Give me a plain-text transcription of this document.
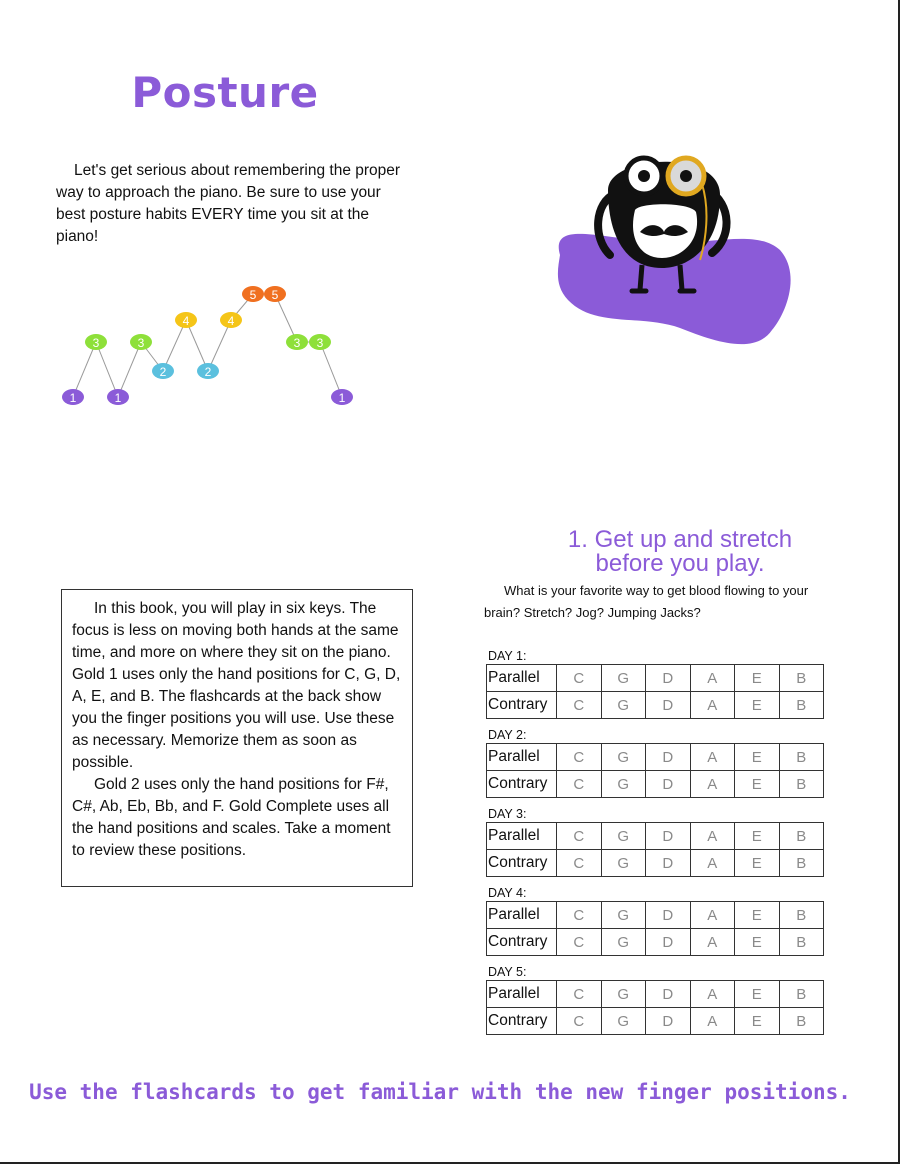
Posture
Let's get serious about remembering the proper way to approach the piano. Be sure to use your best posture habits EVERY time you sit at the piano!
1
3
1
3
2
4
2
4
5 5
3 3
1

In this book, you will play in six keys. The focus is less on moving both hands at the same time, and more on where they sit on the piano. Gold 1 uses only the hand positions for C, G, D, A, E, and B. The flashcards at the back show you the finger positions you will use. Use these as necessary. Memorize them as soon as possible.

Gold 2 uses only the hand positions for F#, C#, Ab, Eb, Bb, and F. Gold Complete uses all the hand positions and scales. Take a moment to review these positions.

1. Get up and stretch
before you play.
What is your favorite way to get blood flowing to your brain? Stretch? Jog? Jumping Jacks?
DAY 1:
Parallel	C	G	D	A	E	B
Contrary	C	G	D	A	E	B
DAY 2:
Parallel	C	G	D	A	E	B
Contrary	C	G	D	A	E	B
DAY 3:
Parallel	C	G	D	A	E	B
Contrary	C	G	D	A	E	B
DAY 4:
Parallel	C	G	D	A	E	B
Contrary	C	G	D	A	E	B
DAY 5:
Parallel	C	G	D	A	E	B
Contrary	C	G	D	A	E	B
Use the flashcards to get familiar with the new finger positions.
